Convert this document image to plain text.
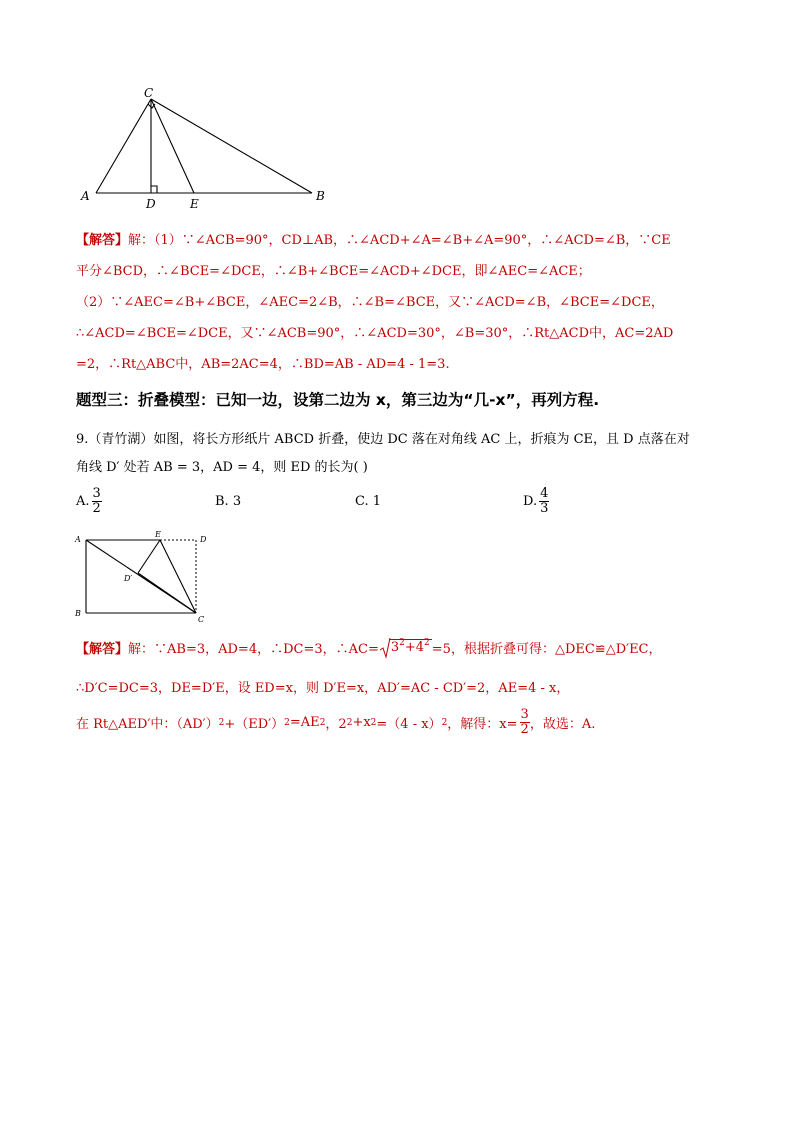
C
A
D	E
B
【解答】解：（1）∵∠ACB=90°，CD⊥AB，∴∠ACD+∠A=∠B+∠A=90°，∴∠ACD=∠B，∵CE
平分∠BCD，∴∠BCE=∠DCE，∴∠B+∠BCE=∠ACD+∠DCE，即∠AEC=∠ACE；
（2）∵∠AEC=∠B+∠BCE，∠AEC=2∠B，∴∠B=∠BCE，又∵∠ACD=∠B，∠BCE=∠DCE，
∴∠ACD=∠BCE=∠DCE，又∵∠ACB=90°，∴∠ACD=30°，∠B=30°，∴Rt△ACD中，AC=2AD
=2，∴Rt△ABC中，AB=2AC=4，∴BD=AB - AD=4 - 1=3.
题型三：折叠模型：已知一边，设第二边为 x，第三边为“几-x”，再列方程.
9.（青竹湖）如图，将长方形纸片 ABCD 折叠，使边 DC 落在对角线 AC 上，折痕为 CE，且 D 点落在对
角线 D′ 处若 AB = 3，AD = 4，则 ED 的长为( )
A. $\frac{3}{2}$	B. 3	C. 1	D. $\frac{4}{3}$
A
E
D
D′
B
C
【解答】 解：∵AB=3，AD=4，∴DC=3，∴AC= $3^2+4^2 =5$，根据折叠可得：△DEC≌△D′EC，
∴D′C=DC=3，DE=D′E，设 ED=x，则 D′E=x，AD′=AC - CD′=2，AE=4 - x，
在 Rt△AED′中：（AD′） 2 +（ED′） 2 =AE 2 ，2 2 +x 2 =（4 - x） 2 ，解得：$x= \frac{3}{2}$ ，故选：A.
